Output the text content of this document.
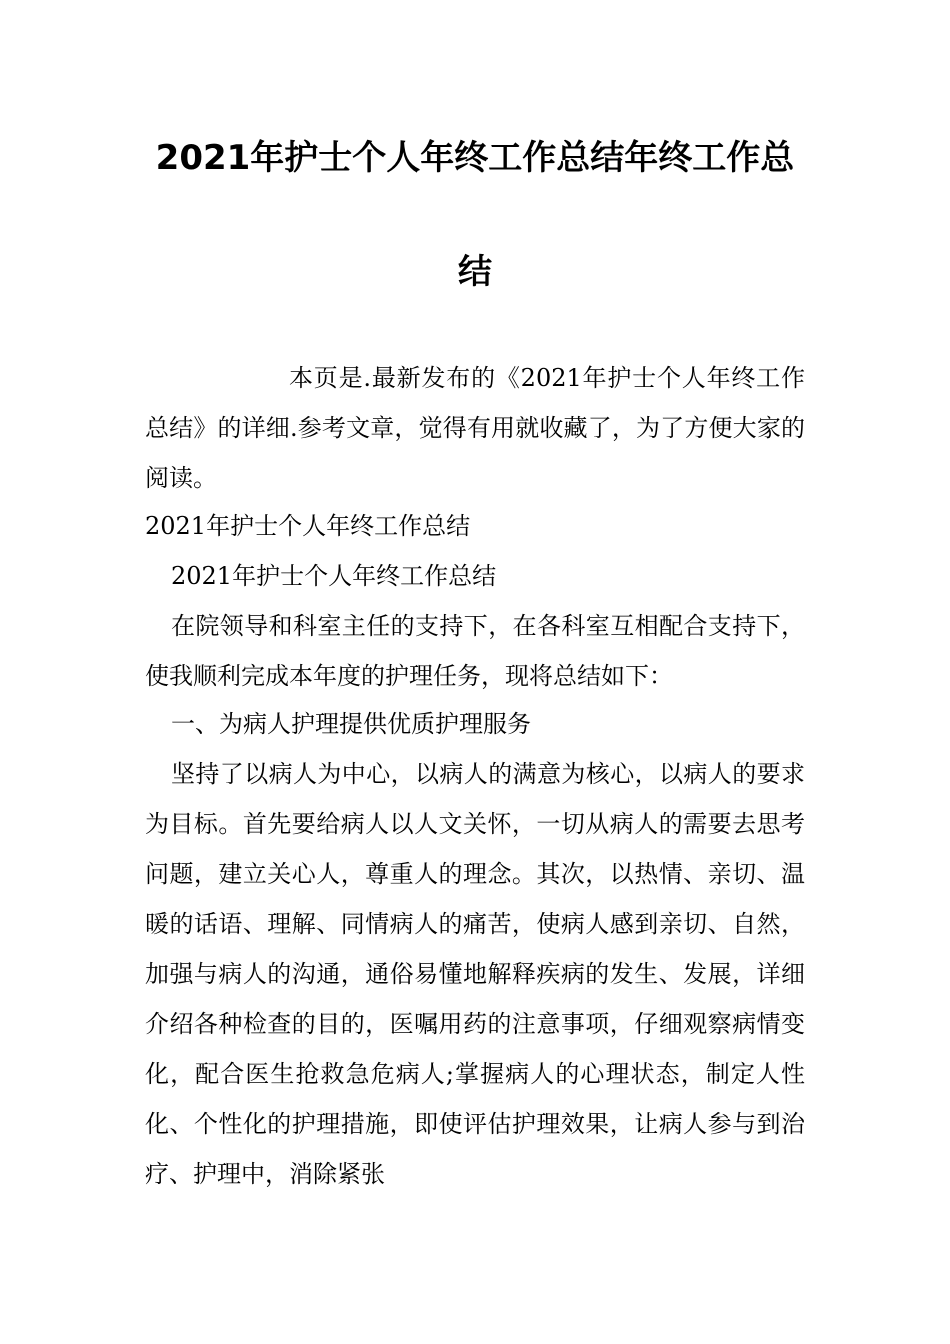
2021年护士个人年终工作总结年终工作总
结

本页是.最新发布的《2021年护士个人年终工作总结》的详细.参考文章，觉得有用就收藏了，为了方便大家的阅读。

2021年护士个人年终工作总结

2021年护士个人年终工作总结

在院领导和科室主任的支持下，在各科室互相配合支持下，使我顺利完成本年度的护理任务，现将总结如下：

一、为病人护理提供优质护理服务

坚持了以病人为中心，以病人的满意为核心，以病人的要求为目标。首先要给病人以人文关怀，一切从病人的需要去思考问题，建立关心人，尊重人的理念。其次，以热情、亲切、温暖的话语、理解、同情病人的痛苦，使病人感到亲切、自然，加强与病人的沟通，通俗易懂地解释疾病的发生、发展，详细介绍各种检查的目的，医嘱用药的注意事项，仔细观察病情变化，配合医生抢救急危病人;掌握病人的心理状态，制定人性化、个性化的护理措施，即使评估护理效果，让病人参与到治疗、护理中，消除紧张
